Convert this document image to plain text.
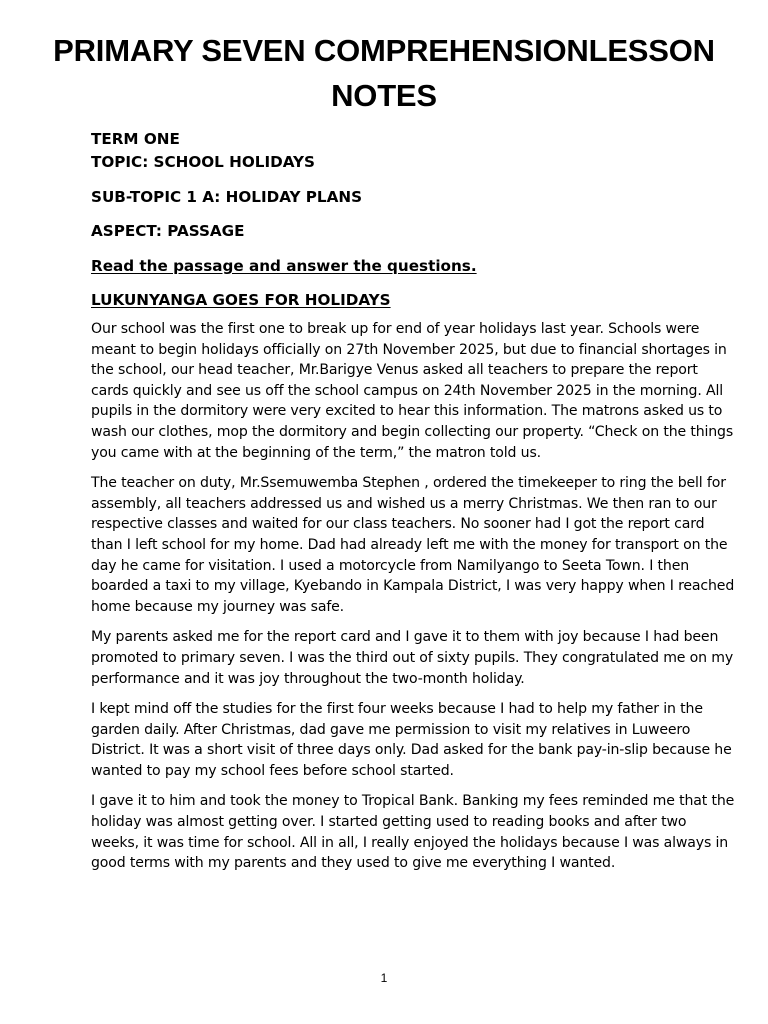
PRIMARY SEVEN COMPREHENSIONLESSON NOTES
TERM ONE
TOPIC: SCHOOL HOLIDAYS
SUB-TOPIC 1 A: HOLIDAY PLANS
ASPECT: PASSAGE
Read the passage and answer the questions.
LUKUNYANGA GOES FOR HOLIDAYS

Our school was the first one to break up for end of year holidays last year. Schools were meant to begin holidays officially on 27th November 2025, but due to financial shortages in the school, our head teacher, Mr.Barigye Venus asked all teachers to prepare the report cards quickly and see us off the school campus on 24th November 2025 in the morning. All pupils in the dormitory were very excited to hear this information. The matrons asked us to wash our clothes, mop the dormitory and begin collecting our property. “Check on the things you came with at the beginning of the term,” the matron told us.

The teacher on duty, Mr.Ssemuwemba Stephen , ordered the timekeeper to ring the bell for assembly, all teachers addressed us and wished us a merry Christmas. We then ran to our respective classes and waited for our class teachers. No sooner had I got the report card than I left school for my home. Dad had already left me with the money for transport on the day he came for visitation. I used a motorcycle from Namilyango to Seeta Town. I then boarded a taxi to my village, Kyebando in Kampala District, I was very happy when I reached home because my journey was safe.

My parents asked me for the report card and I gave it to them with joy because I had been promoted to primary seven. I was the third out of sixty pupils. They congratulated me on my performance and it was joy throughout the two-month holiday.

I kept mind off the studies for the first four weeks because I had to help my father in the garden daily. After Christmas, dad gave me permission to visit my relatives in Luweero District. It was a short visit of three days only. Dad asked for the bank pay-in-slip because he wanted to pay my school fees before school started.

I gave it to him and took the money to Tropical Bank. Banking my fees reminded me that the holiday was almost getting over. I started getting used to reading books and after two weeks, it was time for school. All in all, I really enjoyed the holidays because I was always in good terms with my parents and they used to give me everything I wanted.

1
